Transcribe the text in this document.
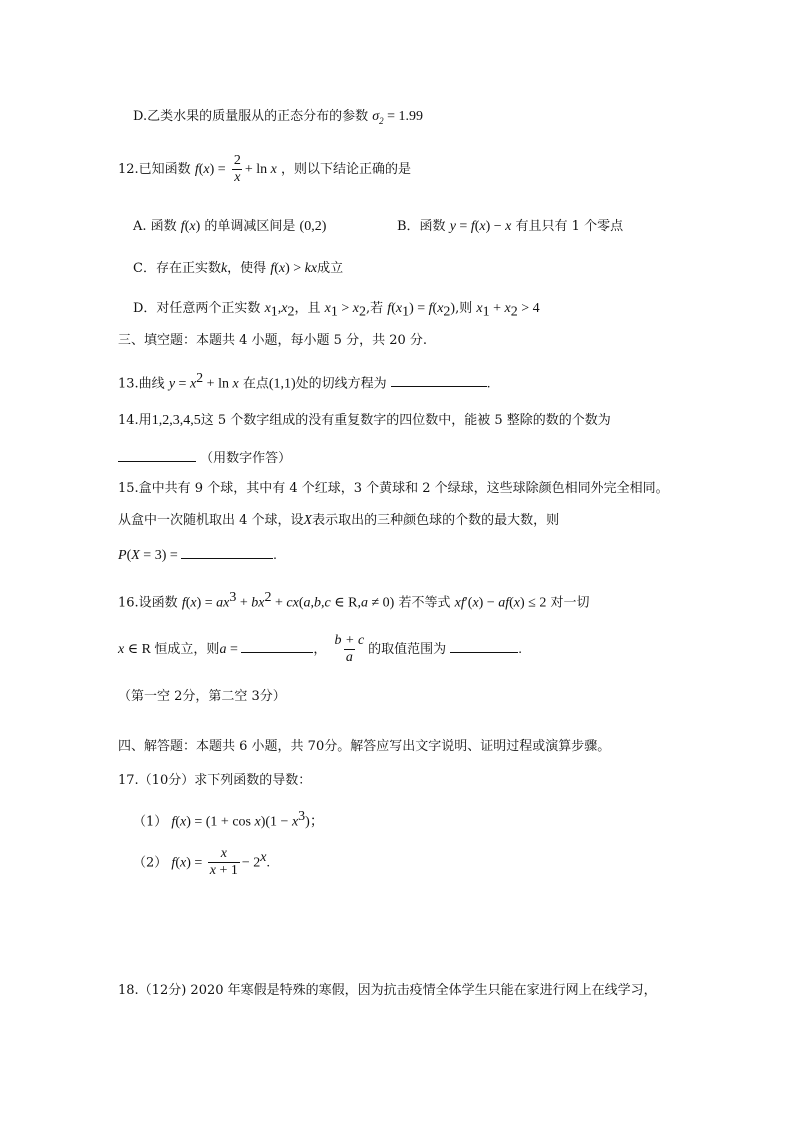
D.乙类水果的质量服从的正态分布的参数 $\sigma_2 = 1.99$
12.已知函数 $f(x) = \frac{2}{x} + \ln x$ ，则以下结论正确的是
A. 函数 f(x) 的单调减区间是 (0,2)	B．函数 y = f(x) − x 有且只有 1 个零点
C．存在正实数k，使得 f(x) > kx成立
D．对任意两个正实数 $x_1,x_2$，且 $x_1 > x_2$,若 $f(x_1) = f(x_2)$,则 $x_1 + x_2 > 4$
三、填空题：本题共 4 小题，每小题 5 分，共 20 分.
13.曲线 $y = x^2 + \ln x$ 在点(1,1)处的切线方程为	.
14.用1,2,3,4,5这 5 个数字组成的没有重复数字的四位数中，能被 5 整除的数的个数为
（用数字作答）
15.盒中共有 9 个球，其中有 4 个红球，3 个黄球和 2 个绿球，这些球除颜色相同外完全相同。
从盒中一次随机取出 4 个球，设X表示取出的三种颜色球的个数的最大数，则
P(X = 3) =	.
16.设函数 $f(x) = ax^3 + bx^2 + cx(a,b,c$ ∈ R,a ≠ 0) 若不等式 xf′(x) − af(x) ≤ 2 对一切
x ∈ R 恒成立，则a =	， $\frac{b + c}{a}$ 的取值范围为	.
（第一空 2分，第二空 3分）
四、解答题：本题共 6 小题，共 70分。解答应写出文字说明、证明过程或演算步骤。
17.（10分）求下列函数的导数：
（1） $f(x) = (1 + \cos x)(1 - x^3)$；
（2） $f(x) = \frac{x}{x + 1} - 2^x$.
18.（12分) 2020 年寒假是特殊的寒假，因为抗击疫情全体学生只能在家进行网上在线学习，
